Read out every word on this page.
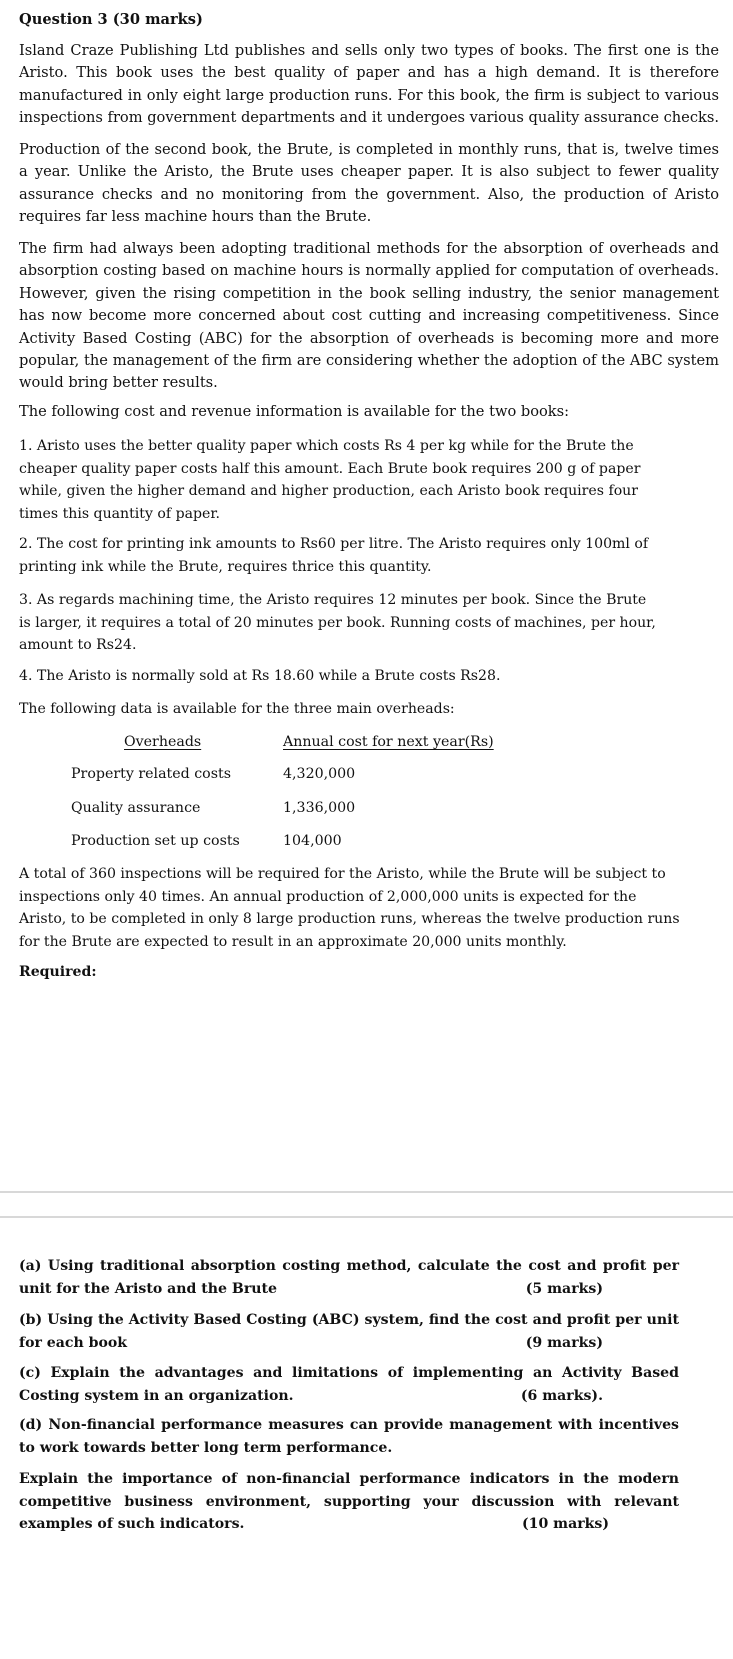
Question 3 (30 marks)

Island Craze Publishing Ltd publishes and sells only two types of books. The first one is the Aristo. This book uses the best quality of paper and has a high demand. It is therefore manufactured in only eight large production runs. For this book, the firm is subject to various inspections from government departments and it undergoes various quality assurance checks.

Production of the second book, the Brute, is completed in monthly runs, that is, twelve times a year. Unlike the Aristo, the Brute uses cheaper paper. It is also subject to fewer quality assurance checks and no monitoring from the government. Also, the production of Aristo requires far less machine hours than the Brute.

The firm had always been adopting traditional methods for the absorption of overheads and absorption costing based on machine hours is normally applied for computation of overheads. However, given the rising competition in the book selling industry, the senior management has now become more concerned about cost cutting and increasing competitiveness. Since Activity Based Costing (ABC) for the absorption of overheads is becoming more and more popular, the management of the firm are considering whether the adoption of the ABC system would bring better results.

The following cost and revenue information is available for the two books:

1. Aristo uses the better quality paper which costs Rs 4 per kg while for the Brute the cheaper quality paper costs half this amount. Each Brute book requires 200 g of paper while, given the higher demand and higher production, each Aristo book requires four times this quantity of paper.

2. The cost for printing ink amounts to Rs60 per litre. The Aristo requires only 100ml of printing ink while the Brute, requires thrice this quantity.

3. As regards machining time, the Aristo requires 12 minutes per book. Since the Brute is larger, it requires a total of 20 minutes per book. Running costs of machines, per hour, amount to Rs24.

4. The Aristo is normally sold at Rs 18.60 while a Brute costs Rs28.

The following data is available for the three main overheads:

Overheads	Annual cost for next year(Rs)
Property related costs	4,320,000
Quality assurance	1,336,000
Production set up costs	104,000

A total of 360 inspections will be required for the Aristo, while the Brute will be subject to inspections only 40 times. An annual production of 2,000,000 units is expected for the Aristo, to be completed in only 8 large production runs, whereas the twelve production runs for the Brute are expected to result in an approximate 20,000 units monthly.

Required:

(a) Using traditional absorption costing method, calculate the cost and profit per unit for the Aristo and the Brute	(5 marks)
(b) Using the Activity Based Costing (ABC) system, find the cost and profit per unit for each book	(9 marks)
(c) Explain the advantages and limitations of implementing an Activity Based Costing system in an organization.	(6 marks).
(d) Non-financial performance measures can provide management with incentives to work towards better long term performance.
Explain the importance of non-financial performance indicators in the modern competitive business environment, supporting your discussion with relevant examples of such indicators.	(10 marks)
